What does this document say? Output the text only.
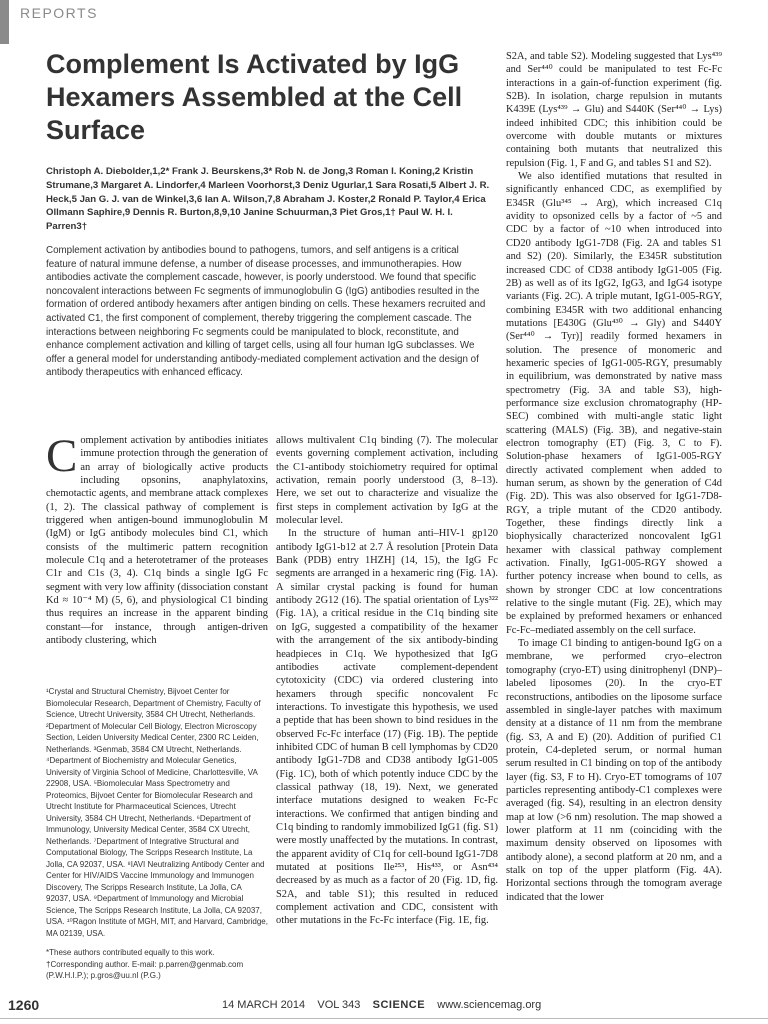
REPORTS
Complement Is Activated by IgG Hexamers Assembled at the Cell Surface
Christoph A. Diebolder,1,2* Frank J. Beurskens,3* Rob N. de Jong,3 Roman I. Koning,2 Kristin Strumane,3 Margaret A. Lindorfer,4 Marleen Voorhorst,3 Deniz Ugurlar,1 Sara Rosati,5 Albert J. R. Heck,5 Jan G. J. van de Winkel,3,6 Ian A. Wilson,7,8 Abraham J. Koster,2 Ronald P. Taylor,4 Erica Ollmann Saphire,9 Dennis R. Burton,8,9,10 Janine Schuurman,3 Piet Gros,1† Paul W. H. I. Parren3†

Complement activation by antibodies bound to pathogens, tumors, and self antigens is a critical feature of natural immune defense, a number of disease processes, and immunotherapies. How antibodies activate the complement cascade, however, is poorly understood. We found that specific noncovalent interactions between Fc segments of immunoglobulin G (IgG) antibodies resulted in the formation of ordered antibody hexamers after antigen binding on cells. These hexamers recruited and activated C1, the first component of complement, thereby triggering the complement cascade. The interactions between neighboring Fc segments could be manipulated to block, reconstitute, and enhance complement activation and killing of target cells, using all four human IgG subclasses. We offer a general model for understanding antibody-mediated complement activation and the design of antibody therapeutics with enhanced efficacy.

Complement activation by antibodies initiates immune protection through the generation of an array of biologically active products including opsonins, anaphylatoxins, chemotactic agents, and membrane attack complexes (1, 2). The classical pathway of complement is triggered when antigen-bound immunoglobulin M (IgM) or IgG antibody molecules bind C1, which consists of the multimeric pattern recognition molecule C1q and a heterotetramer of the proteases C1r and C1s (3, 4). C1q binds a single IgG Fc segment with very low affinity (dissociation constant Kd ≈ 10⁻⁴ M) (5, 6), and physiological C1 binding thus requires an increase in the apparent binding constant—for instance, through antigen-driven antibody clustering, which

¹Crystal and Structural Chemistry, Bijvoet Center for Biomolecular Research, Department of Chemistry, Faculty of Science, Utrecht University, 3584 CH Utrecht, Netherlands. ²Department of Molecular Cell Biology, Electron Microscopy Section, Leiden University Medical Center, 2300 RC Leiden, Netherlands. ³Genmab, 3584 CM Utrecht, Netherlands. ⁴Department of Biochemistry and Molecular Genetics, University of Virginia School of Medicine, Charlottesville, VA 22908, USA. ⁵Biomolecular Mass Spectrometry and Proteomics, Bijvoet Center for Biomolecular Research and Utrecht Institute for Pharmaceutical Sciences, Utrecht University, 3584 CH Utrecht, Netherlands. ⁶Department of Immunology, University Medical Center, 3584 CX Utrecht, Netherlands. ⁷Department of Integrative Structural and Computational Biology, The Scripps Research Institute, La Jolla, CA 92037, USA. ⁸IAVI Neutralizing Antibody Center and Center for HIV/AIDS Vaccine Immunology and Immunogen Discovery, The Scripps Research Institute, La Jolla, CA 92037, USA. ⁹Department of Immunology and Microbial Science, The Scripps Research Institute, La Jolla, CA 92037, USA. ¹⁰Ragon Institute of MGH, MIT, and Harvard, Cambridge, MA 02139, USA.

*These authors contributed equally to this work.

†Corresponding author. E-mail: p.parren@genmab.com (P.W.H.I.P.); p.gros@uu.nl (P.G.)

allows multivalent C1q binding (7). The molecular events governing complement activation, including the C1-antibody stoichiometry required for optimal activation, remain poorly understood (3, 8–13). Here, we set out to characterize and visualize the first steps in complement activation by IgG at the molecular level.

In the structure of human anti–HIV-1 gp120 antibody IgG1-b12 at 2.7 Å resolution [Protein Data Bank (PDB) entry 1HZH] (14, 15), the IgG Fc segments are arranged in a hexameric ring (Fig. 1A). A similar crystal packing is found for human antibody 2G12 (16). The spatial orientation of Lys³²² (Fig. 1A), a critical residue in the C1q binding site on IgG, suggested a compatibility of the hexamer with the arrangement of the six antibody-binding headpieces in C1q. We hypothesized that IgG antibodies activate complement-dependent cytotoxicity (CDC) via ordered clustering into hexamers through specific noncovalent Fc interactions. To investigate this hypothesis, we used a peptide that has been shown to bind residues in the observed Fc-Fc interface (17) (Fig. 1B). The peptide inhibited CDC of human B cell lymphomas by CD20 antibody IgG1-7D8 and CD38 antibody IgG1-005 (Fig. 1C), both of which potently induce CDC by the classical pathway (18, 19). Next, we generated interface mutations designed to weaken Fc-Fc interactions. We confirmed that antigen binding and C1q binding to randomly immobilized IgG1 (fig. S1) were mostly unaffected by the mutations. In contrast, the apparent avidity of C1q for cell-bound IgG1-7D8 mutated at positions Ile²⁵³, His⁴³³, or Asn⁴³⁴ decreased by as much as a factor of 20 (Fig. 1D, fig. S2A, and table S1); this resulted in reduced complement activation and CDC, consistent with other mutations in the Fc-Fc interface (Fig. 1E, fig.

S2A, and table S2). Modeling suggested that Lys⁴³⁹ and Ser⁴⁴⁰ could be manipulated to test Fc-Fc interactions in a gain-of-function experiment (fig. S2B). In isolation, charge repulsion in mutants K439E (Lys⁴³⁹ → Glu) and S440K (Ser⁴⁴⁰ → Lys) indeed inhibited CDC; this inhibition could be overcome with double mutants or mixtures containing both mutants that neutralized this repulsion (Fig. 1, F and G, and tables S1 and S2).

We also identified mutations that resulted in significantly enhanced CDC, as exemplified by E345R (Glu³⁴⁵ → Arg), which increased C1q avidity to opsonized cells by a factor of ~5 and CDC by a factor of ~10 when introduced into CD20 antibody IgG1-7D8 (Fig. 2A and tables S1 and S2) (20). Similarly, the E345R substitution increased CDC of CD38 antibody IgG1-005 (Fig. 2B) as well as of its IgG2, IgG3, and IgG4 isotype variants (Fig. 2C). A triple mutant, IgG1-005-RGY, combining E345R with two additional enhancing mutations [E430G (Glu⁴³⁰ → Gly) and S440Y (Ser⁴⁴⁰ → Tyr)] readily formed hexamers in solution. The presence of monomeric and hexameric species of IgG1-005-RGY, presumably in equilibrium, was demonstrated by native mass spectrometry (Fig. 3A and table S3), high-performance size exclusion chromatography (HP-SEC) combined with multi-angle static light scattering (MALS) (Fig. 3B), and negative-stain electron tomography (ET) (Fig. 3, C to F). Solution-phase hexamers of IgG1-005-RGY directly activated complement when added to human serum, as shown by the generation of C4d (Fig. 2D). This was also observed for IgG1-7D8-RGY, a triple mutant of the CD20 antibody. Together, these findings directly link a biophysically characterized noncovalent IgG1 hexamer with classical pathway complement activation. Finally, IgG1-005-RGY showed a further potency increase when bound to cells, as shown by stronger CDC at low concentrations relative to the single mutant (Fig. 2E), which may be explained by preformed hexamers or enhanced Fc-Fc–mediated assembly on the cell surface.

To image C1 binding to antigen-bound IgG on a membrane, we performed cryo–electron tomography (cryo-ET) using dinitrophenyl (DNP)–labeled liposomes (20). In the cryo-ET reconstructions, antibodies on the liposome surface assembled in single-layer patches with maximum density at a distance of 11 nm from the membrane (fig. S3, A and E) (20). Addition of purified C1 protein, C4-depleted serum, or normal human serum resulted in C1 binding on top of the antibody layer (fig. S3, F to H). Cryo-ET tomograms of 107 particles representing antibody-C1 complexes were averaged (fig. S4), resulting in an electron density map at low (>6 nm) resolution. The map showed a lower platform at 11 nm (coinciding with the maximum density observed on liposomes with antibody alone), a second platform at 20 nm, and a stalk on top of the upper platform (Fig. 4A). Horizontal sections through the tomogram average indicated that the lower

1260	14 MARCH 2014 VOL 343 SCIENCE www.sciencemag.org
